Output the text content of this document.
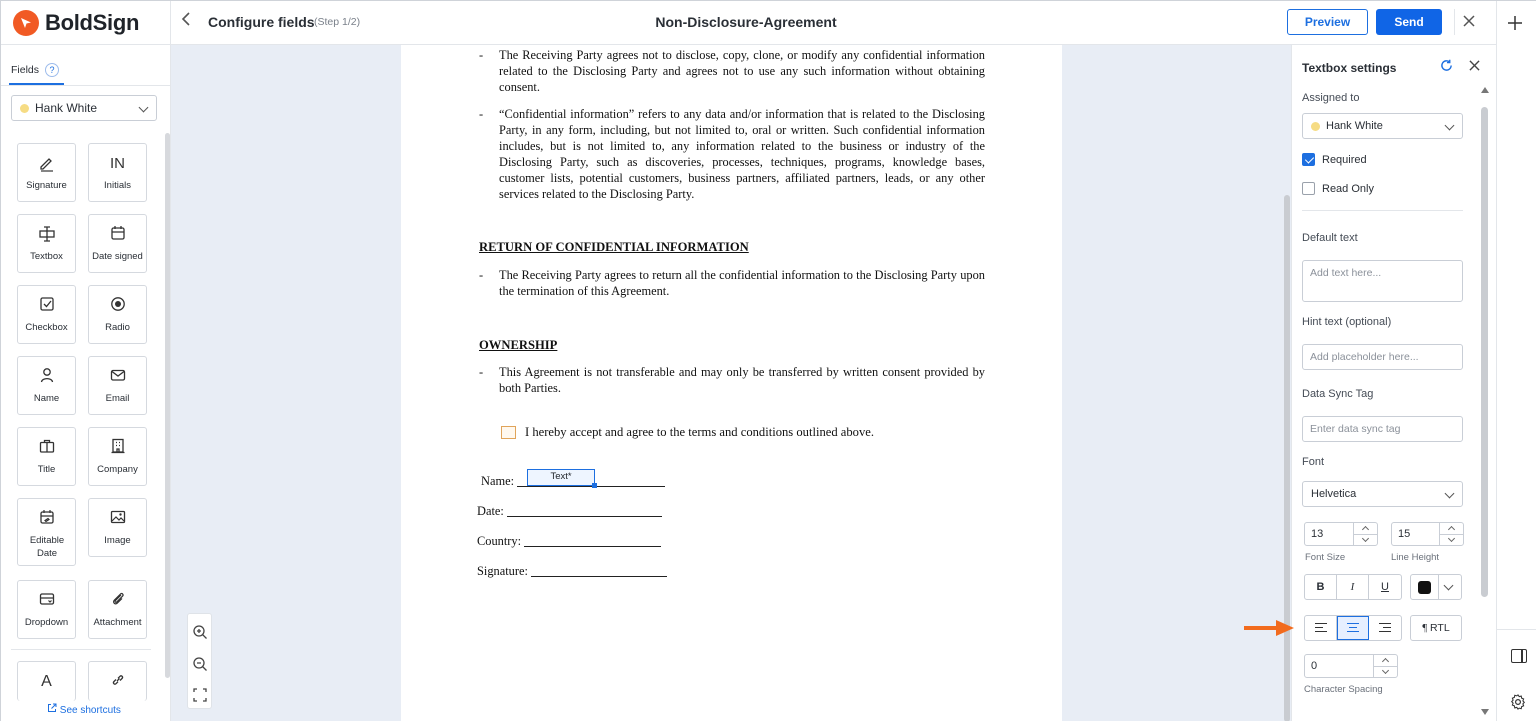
BoldSign	Configure fields (Step 1/2)	Non-Disclosure-Agreement	Preview	Send
Fields	?
Hank White
Signature
IN
Initials
Textbox	Date signed
Checkbox	Radio
Name	Email
Title	Company
Editable Date
Image
Dropdown	Attachment
A
See shortcuts
- The Receiving Party agrees not to disclose, copy, clone, or modify any confidential information related to the Disclosing Party and agrees not to use any such information without obtaining consent.
- “Confidential information” refers to any data and/or information that is related to the Disclosing Party, in any form, including, but not limited to, oral or written. Such confidential information includes, but is not limited to, any information related to the business or industry of the Disclosing Party, such as discoveries, processes, techniques, programs, knowledge bases, customer lists, potential customers, business partners, affiliated partners, leads, or any other services related to the Disclosing Party.
RETURN OF CONFIDENTIAL INFORMATION
- The Receiving Party agrees to return all the confidential information to the Disclosing Party upon the termination of this Agreement.
OWNERSHIP
- This Agreement is not transferable and may only be transferred by written consent provided by both Parties.
I hereby accept and agree to the terms and conditions outlined above.
Name:
Date:
Country:
Signature:
Text*
Textbox settings
Assigned to
Hank White
Required
Read Only
Default text
Add text here...
Hint text (optional)
Add placeholder here...
Data Sync Tag
Enter data sync tag
Font
Helvetica
13
Font Size
15
Line Height
B	I	U
¶ RTL
0
Character Spacing
